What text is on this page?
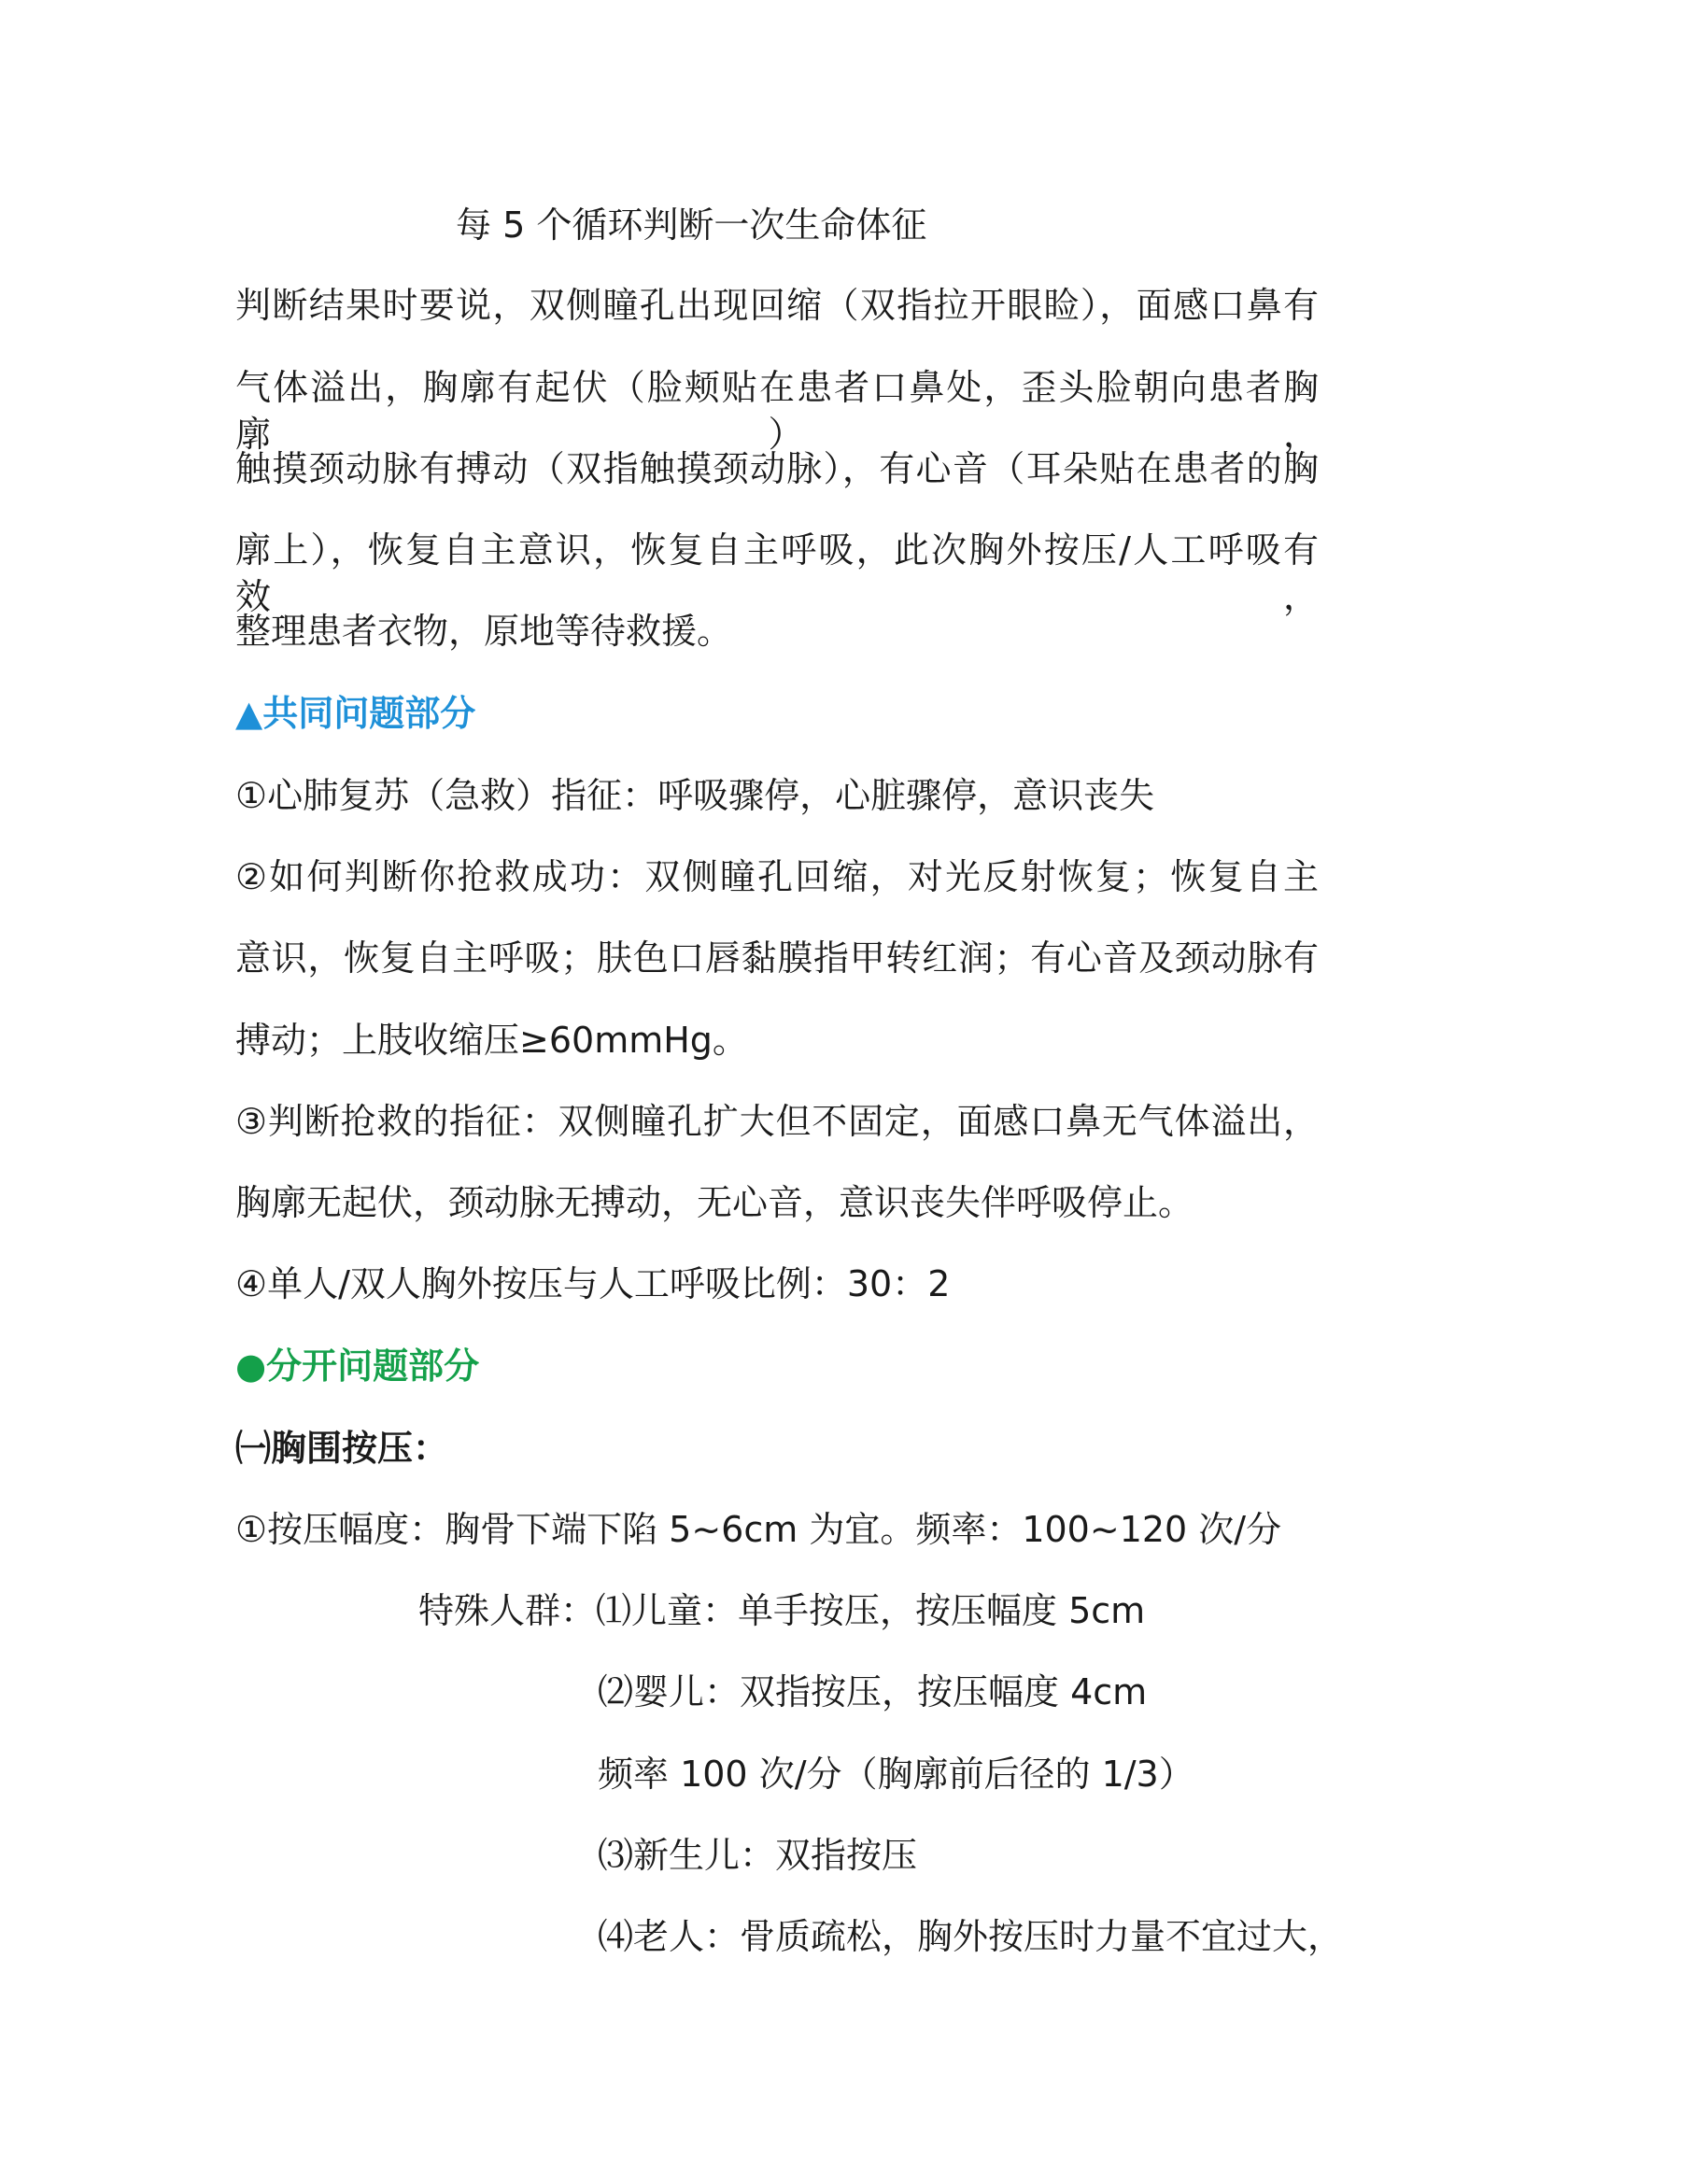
每 5 个循环判断一次生命体征
判断结果时要说，双侧瞳孔出现回缩（双指拉开眼睑），面感口鼻有
气体溢出，胸廓有起伏（脸颊贴在患者口鼻处，歪头脸朝向患者胸廓），
触摸颈动脉有搏动（双指触摸颈动脉），有心音（耳朵贴在患者的胸
廓上），恢复自主意识，恢复自主呼吸，此次胸外按压/人工呼吸有效，
整理患者衣物，原地等待救援。
▲共同问题部分
①心肺复苏（急救）指征：呼吸骤停，心脏骤停，意识丧失
②如何判断你抢救成功：双侧瞳孔回缩，对光反射恢复；恢复自主
意识，恢复自主呼吸；肤色口唇黏膜指甲转红润；有心音及颈动脉有
搏动；上肢收缩压≥60mmHg。
③判断抢救的指征：双侧瞳孔扩大但不固定，面感口鼻无气体溢出，
胸廓无起伏，颈动脉无搏动，无心音，意识丧失伴呼吸停止。
④单人/双人胸外按压与人工呼吸比例：30：2
●分开问题部分
㈠胸围按压：
①按压幅度：胸骨下端下陷 5~6cm 为宜。频率：100~120 次/分
特殊人群：⑴儿童：单手按压，按压幅度 5cm
⑵婴儿：双指按压，按压幅度 4cm
频率 100 次/分（胸廓前后径的 1/3）
⑶新生儿：双指按压
⑷老人：骨质疏松，胸外按压时力量不宜过大，
